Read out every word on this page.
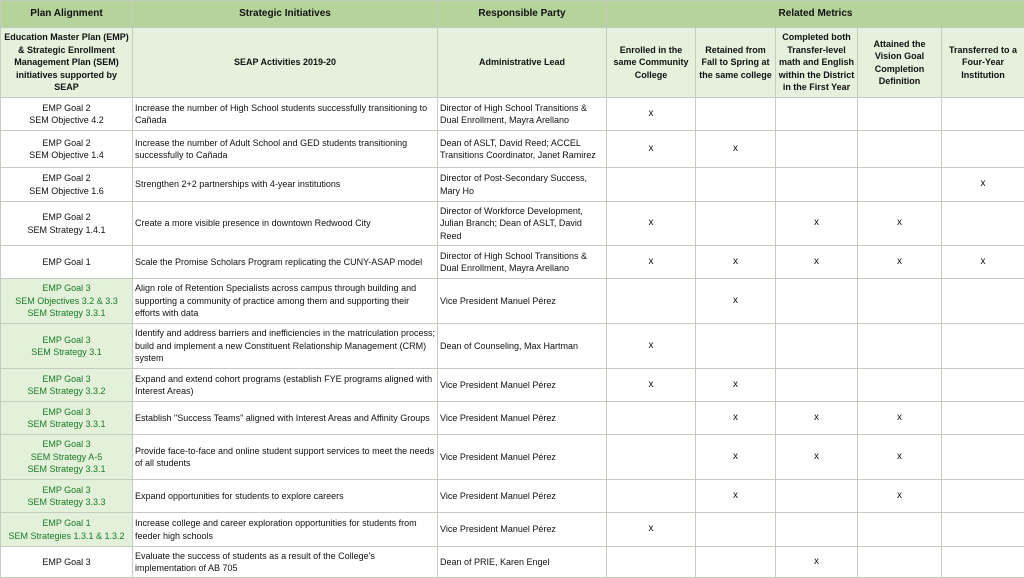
Plan Alignment	Strategic Initiatives	Responsible Party	Related Metrics				
Education Master Plan (EMP) & Strategic Enrollment Management Plan (SEM) initiatives supported by SEAP	SEAP Activities 2019-20	Administrative Lead	Enrolled in the same Community College	Retained from Fall to Spring at the same college	Completed both Transfer-level math and English within the District in the First Year	Attained the Vision Goal Completion Definition	Transferred to a Four-Year Institution

EMP Goal 2
SEM Objective 4.2	Increase the number of High School students successfully transitioning to Cañada	Director of High School Transitions & Dual Enrollment, Mayra Arellano	x				

EMP Goal 2
SEM Objective 1.4	Increase the number of Adult School and GED students transitioning successfully to Cañada	Dean of ASLT, David Reed; ACCEL Transitions Coordinator, Janet Ramirez	x	x			

EMP Goal 2
SEM Objective 1.6	Strengthen 2+2 partnerships with 4-year institutions	Director of Post-Secondary Success, Mary Ho					x

EMP Goal 2
SEM Strategy 1.4.1	Create a more visible presence in downtown Redwood City	Director of Workforce Development, Julian Branch; Dean of ASLT, David Reed	x		x	x	

EMP Goal 1	Scale the Promise Scholars Program replicating the CUNY-ASAP model	Director of High School Transitions & Dual Enrollment, Mayra Arellano	x	x	x	x	x

EMP Goal 3
SEM Objectives 3.2 & 3.3
SEM Strategy 3.3.1	Align role of Retention Specialists across campus through building and supporting a community of practice among them and supporting their efforts with data	Vice President Manuel Pérez		x			

EMP Goal 3
SEM Strategy 3.1	Identify and address barriers and inefficiencies in the matriculation process; build and implement a new Constituent Relationship Management (CRM) system	Dean of Counseling, Max Hartman	x				

EMP Goal 3
SEM Strategy 3.3.2	Expand and extend cohort programs (establish FYE programs aligned with Interest Areas)	Vice President Manuel Pérez	x	x			

EMP Goal 3
SEM Strategy 3.3.1	Establish "Success Teams" aligned with Interest Areas and Affinity Groups	Vice President Manuel Pérez		x	x	x	

EMP Goal 3
SEM Strategy A-5
SEM Strategy 3.3.1	Provide face-to-face and online student support services to meet the needs of all students	Vice President Manuel Pérez		x	x	x	

EMP Goal 3
SEM Strategy 3.3.3	Expand opportunities for students to explore careers	Vice President Manuel Pérez		x		x	

EMP Goal 1
SEM Strategies 1.3.1 & 1.3.2	Increase college and career exploration opportunities for students from feeder high schools	Vice President Manuel Pérez	x				

EMP Goal 3	Evaluate the success of students as a result of the College's implementation of AB 705	Dean of PRIE, Karen Engel			x		
